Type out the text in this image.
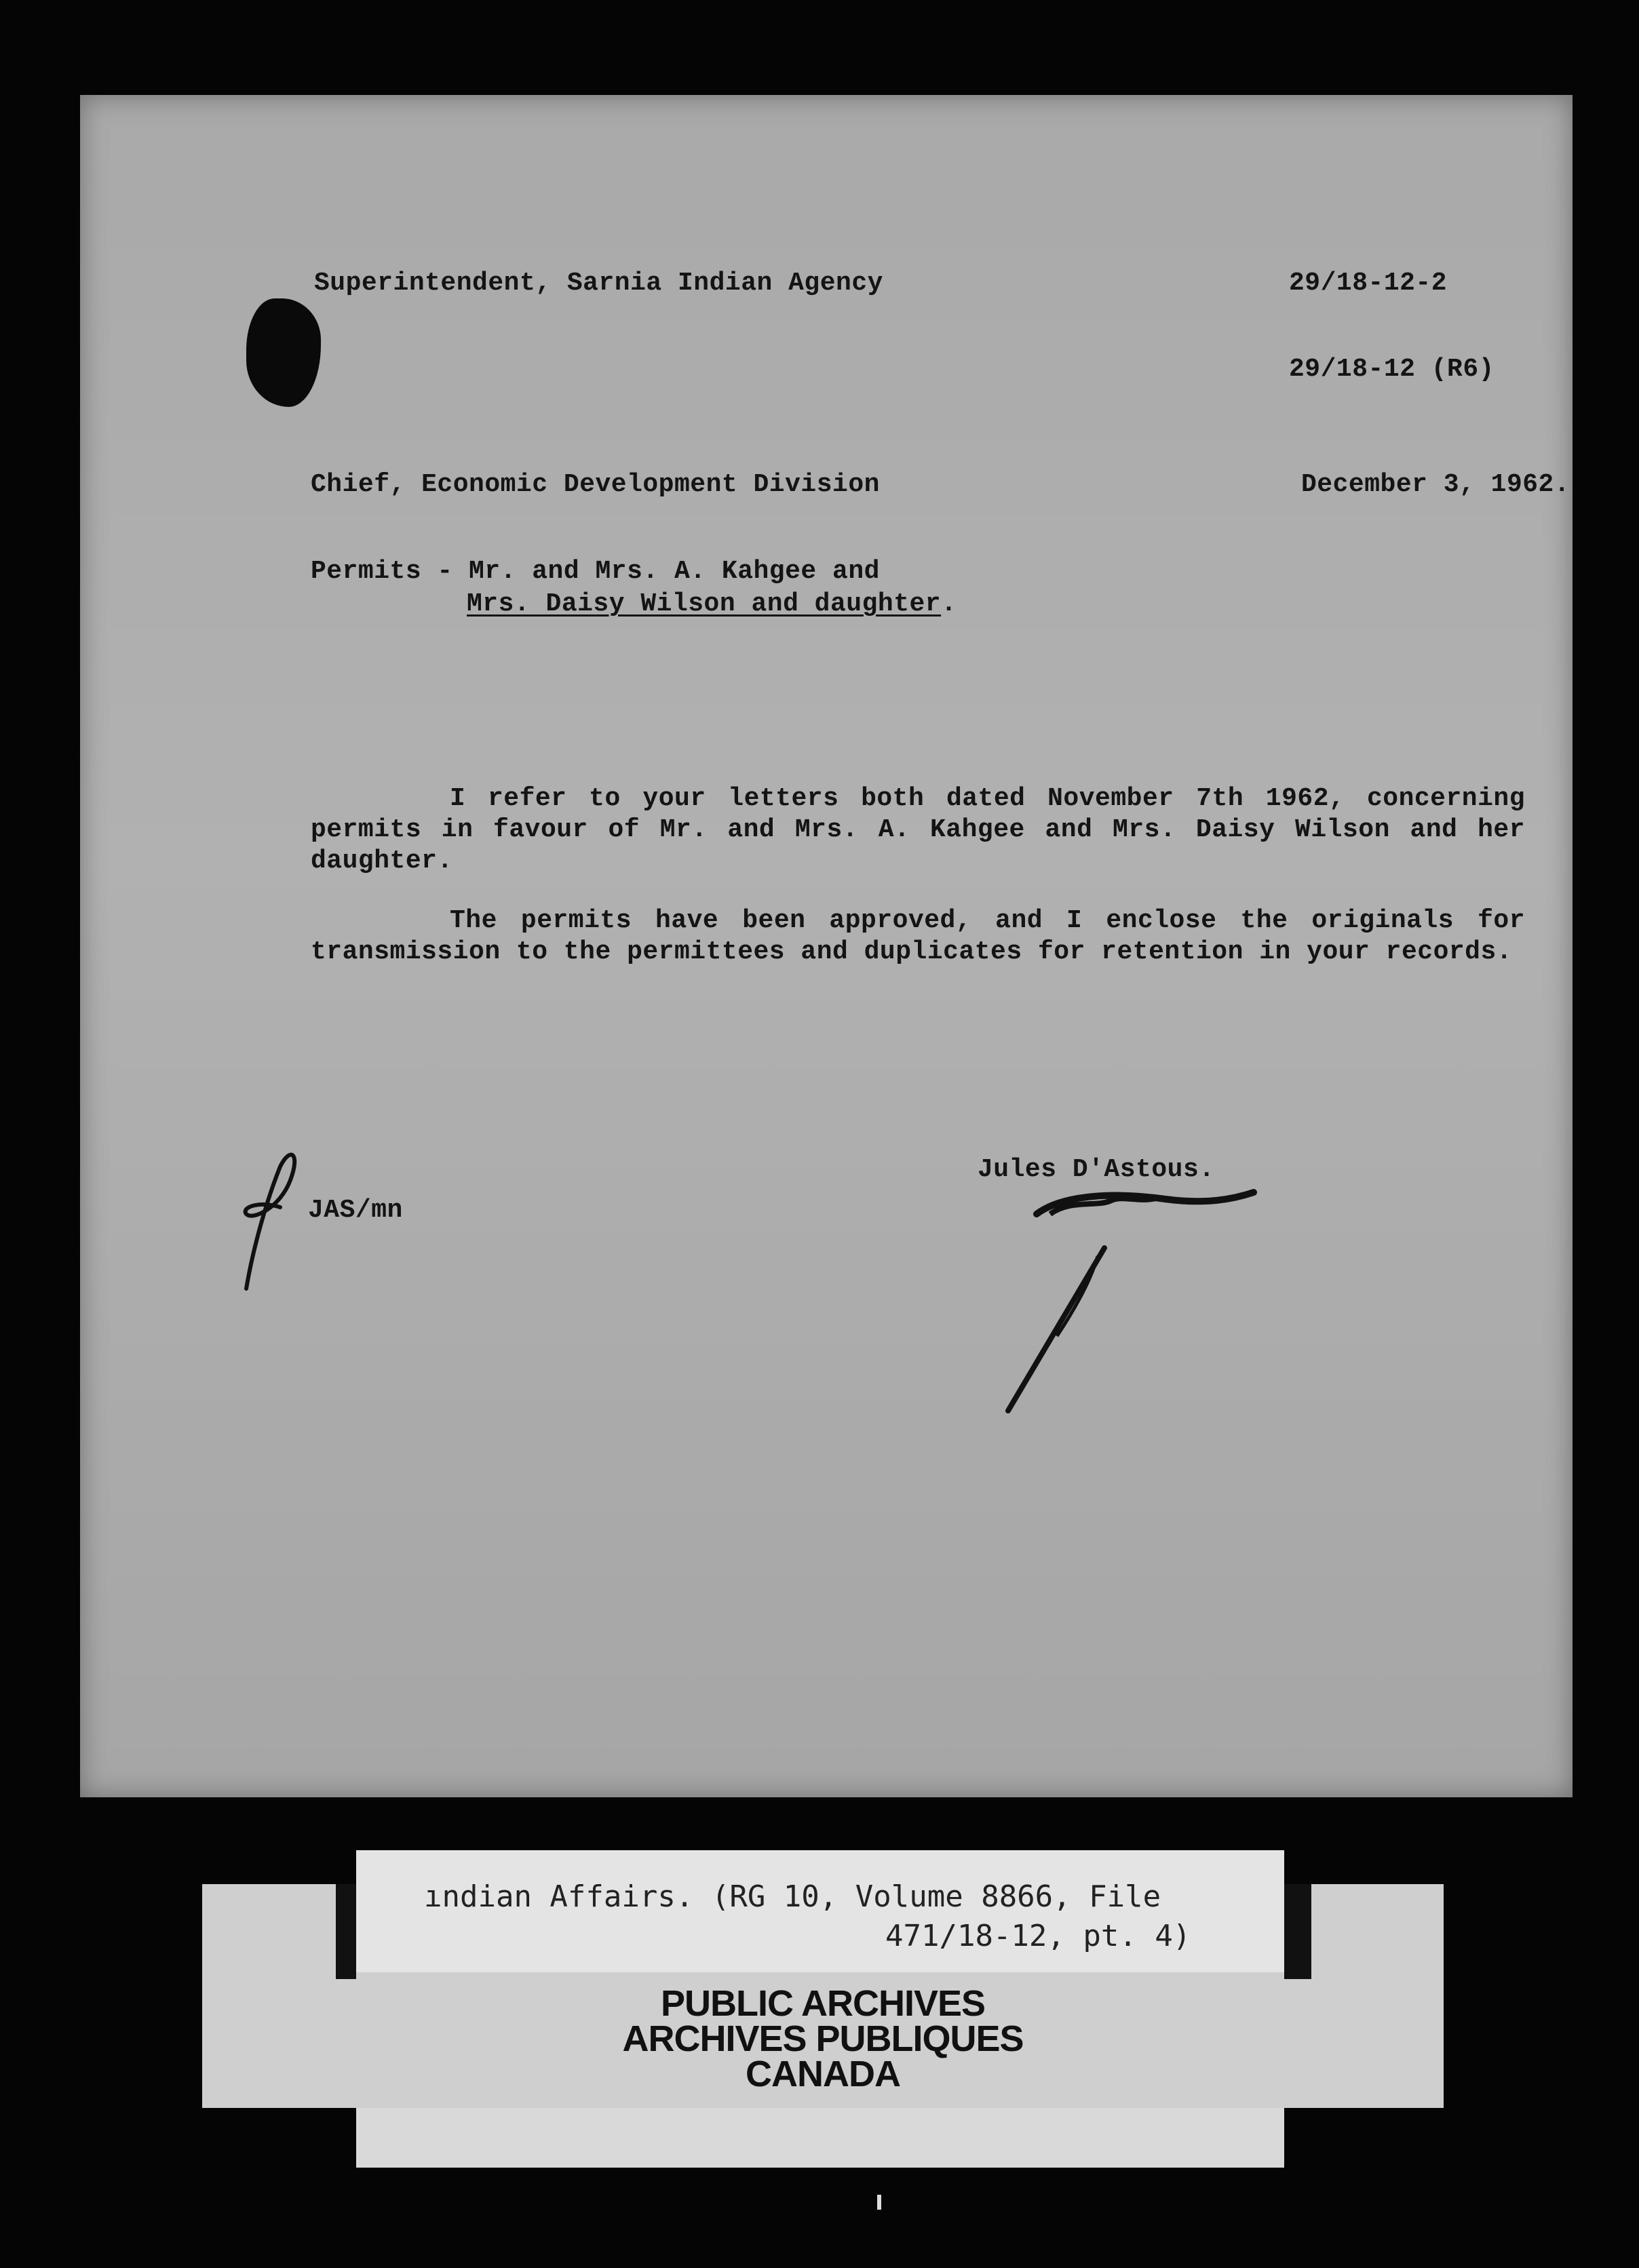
Superintendent, Sarnia Indian Agency	29/18-12-2
29/18-12 (R6)
Chief, Economic Development Division	December 3, 1962.
Permits - Mr. and Mrs. A. Kahgee and
Mrs. Daisy Wilson and daughter.
I refer to your letters both dated November 7th 1962, concerning permits in favour of Mr. and Mrs. A. Kahgee and Mrs. Daisy Wilson and her daughter.
The permits have been approved, and I enclose the originals for transmission to the permittees and duplicates for retention in your records.
JAS/mn
Jules D'Astous.
ındian Affairs. (RG 10, Volume 8866, File
471/18-12, pt. 4)
PUBLIC ARCHIVES
ARCHIVES PUBLIQUES
CANADA
